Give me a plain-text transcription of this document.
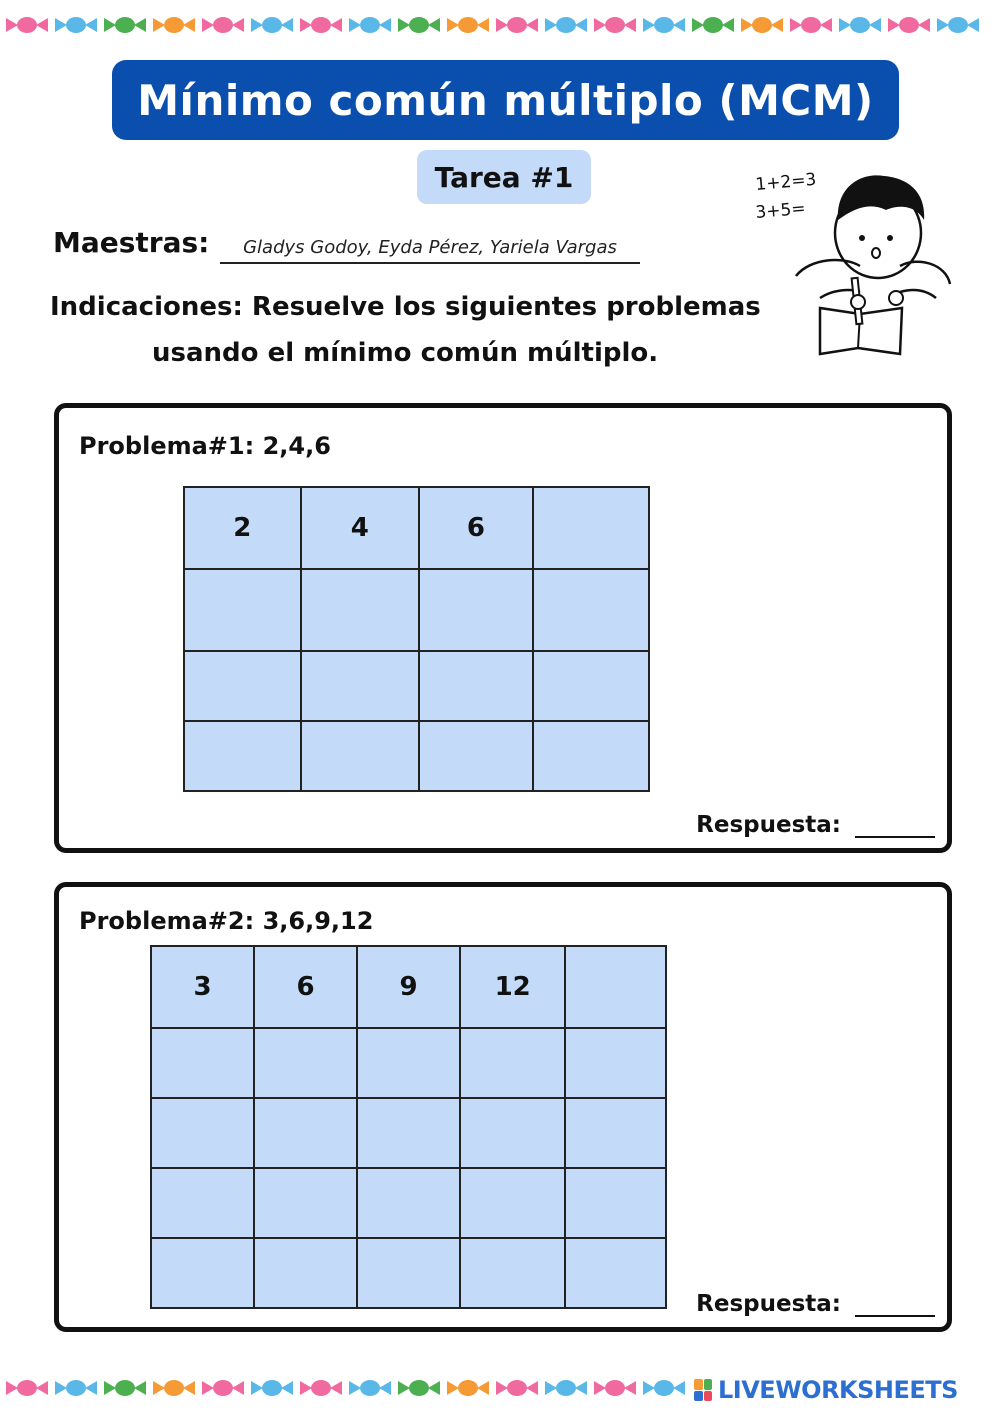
Mínimo común múltiplo (MCM)
Tarea #1
Maestras: Gladys Godoy, Eyda Pérez, Yariela Vargas
Indicaciones: Resuelve los siguientes problemas
usando el mínimo común múltiplo.
1+2=3
3+5=
Problema#1: 2,4,6
2	4	6	

Respuesta:
Problema#2: 3,6,9,12
3	6	9	12	

Respuesta:
LIVEWORKSHEETS
